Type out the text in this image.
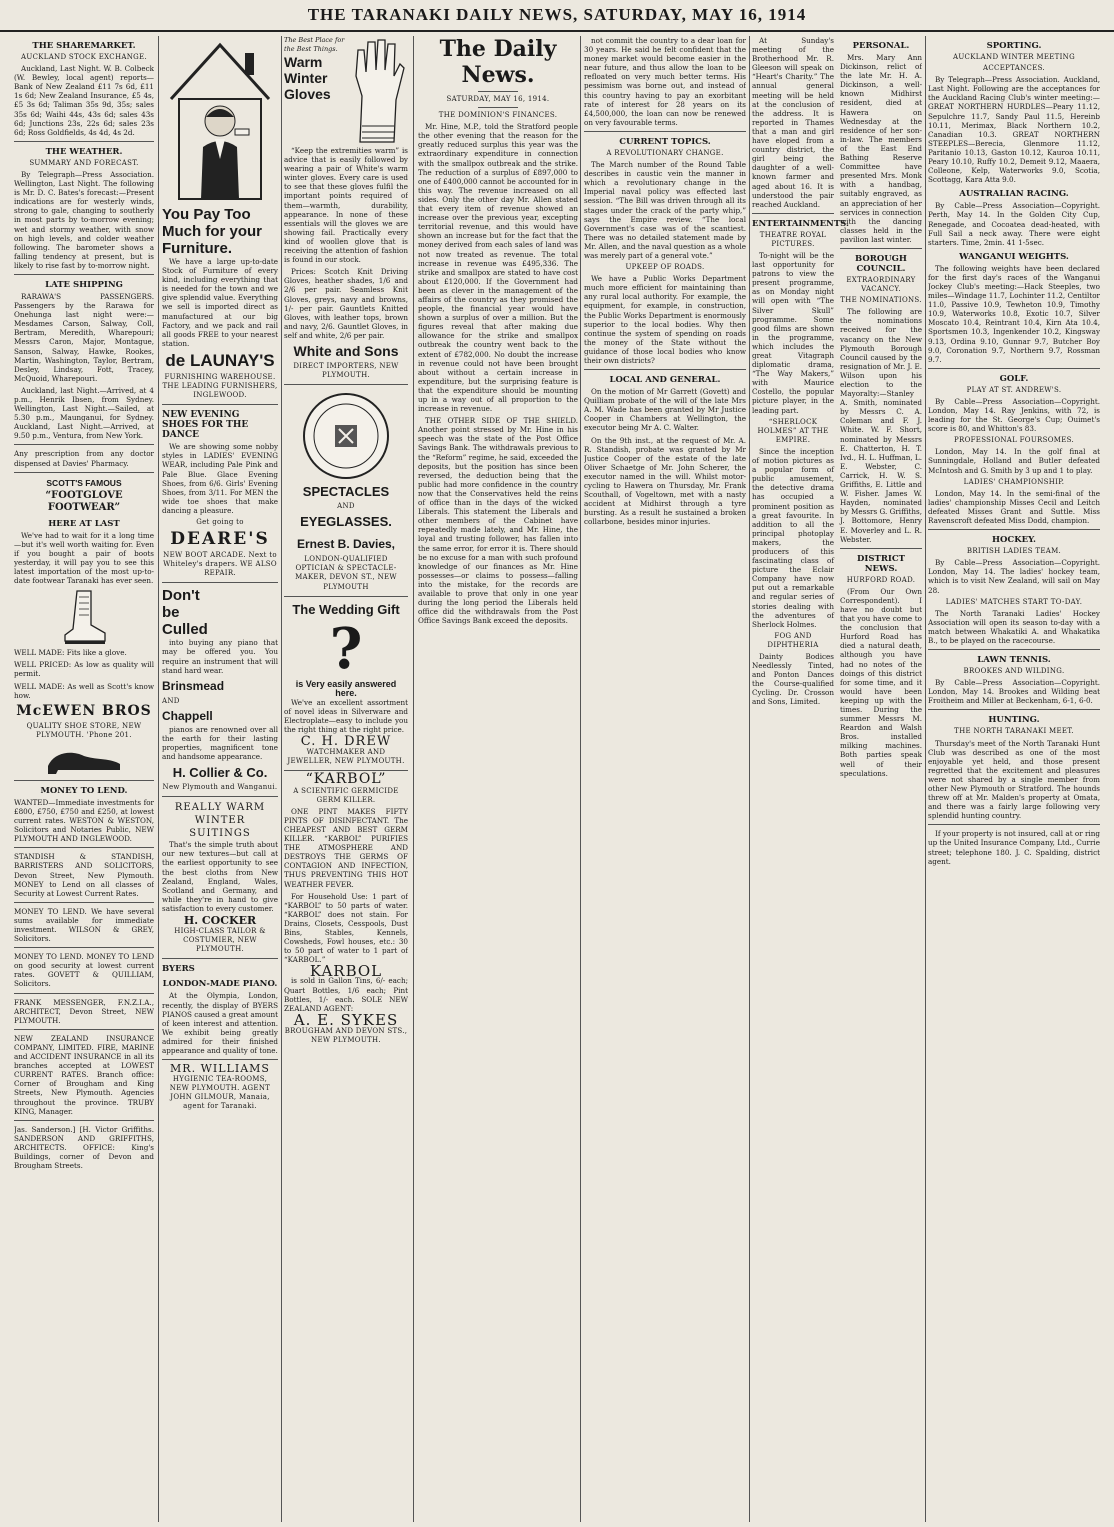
THE TARANAKI DAILY NEWS, SATURDAY, MAY 16, 1914
THE SHAREMARKET.
AUCKLAND STOCK EXCHANGE.

Auckland, Last Night. W. B. Colbeck (W. Bewley, local agent) reports—Bank of New Zealand £11 7s 6d, £11 1s 6d; New Zealand Insurance, £5 4s, £5 3s 6d; Taliman 35s 9d, 35s; sales 35s 6d; Waihi 44s, 43s 6d; sales 43s 6d; Junctions 23s, 22s 6d; sales 23s 6d; Ross Goldfields, 4s 4d, 4s 2d.

THE WEATHER.
SUMMARY AND FORECAST.

By Telegraph—Press Association. Wellington, Last Night. The following is Mr. D. C. Bates's forecast:—Present indications are for westerly winds, strong to gale, changing to southerly in most parts by to-morrow evening; wet and stormy weather, with snow on high levels, and colder weather following. The barometer shows a falling tendency at present, but is likely to rise fast by to-morrow night.

LATE SHIPPING

RARAWA'S PASSENGERS. Passengers by the Rarawa for Onehunga last night were:—Mesdames Carson, Salway, Coll, Bertram, Meredith, Wharepouri; Messrs Caron, Major, Montague, Sanson, Salway, Hawke, Rookes, Martin, Washington, Taylor, Bertram, Desley, Lindsay, Fott, Tracey, McQuoid, Wharepouri.

Auckland, last Night.—Arrived, at 4 p.m., Henrik Ibsen, from Sydney. Wellington, Last Night.—Sailed, at 5.30 p.m., Maunganui, for Sydney. Auckland, Last Night.—Arrived, at 9.50 p.m., Ventura, from New York.

Any prescription from any doctor dispensed at Davies' Pharmacy.

SCOTT'S FAMOUS
“FOOTGLOVE FOOTWEAR”
HERE AT LAST

We've had to wait for it a long time—but it's well worth waiting for. Even if you bought a pair of boots yesterday, it will pay you to see this latest importation of the most up-to-date footwear Taranaki has ever seen.

WELL MADE: Fits like a glove.

WELL PRICED: As low as quality will permit.

WELL MADE: As well as Scott's know how.

McEWEN BROS
QUALITY SHOE STORE, NEW PLYMOUTH. 'Phone 201.
MONEY TO LEND.

WANTED—Immediate investments for £800, £750, £750 and £250, at lowest current rates. WESTON & WESTON, Solicitors and Notaries Public, NEW PLYMOUTH AND INGLEWOOD.

STANDISH & STANDISH, BARRISTERS AND SOLICITORS, Devon Street, New Plymouth. MONEY to Lend on all classes of Security at Lowest Current Rates.

MONEY TO LEND. We have several sums available for immediate investment. WILSON & GREY, Solicitors.

MONEY TO LEND. MONEY TO LEND on good security at lowest current rates. GOVETT & QUILLIAM, Solicitors.

FRANK MESSENGER, F.N.Z.I.A., ARCHITECT, Devon Street, NEW PLYMOUTH.

NEW ZEALAND INSURANCE COMPANY, LIMITED. FIRE, MARINE and ACCIDENT INSURANCE in all its branches accepted at LOWEST CURRENT RATES. Branch office: Corner of Brougham and King Streets, New Plymouth. Agencies throughout the province. TRUBY KING, Manager.

Jas. Sanderson.] [H. Victor Griffiths. SANDERSON AND GRIFFITHS, ARCHITECTS. OFFICE: King's Buildings, corner of Devon and Brougham Streets.

You Pay Too Much for your Furniture.

We have a large up-to-date Stock of Furniture of every kind, including everything that is needed for the town and we give splendid value. Everything we sell is imported direct as manufactured at our big Factory, and we pack and rail all goods FREE to your nearest station.

de LAUNAY'S
FURNISHING WAREHOUSE. THE LEADING FURNISHERS, INGLEWOOD.
NEW EVENING SHOES FOR THE DANCE

We are showing some nobby styles in LADIES' EVENING WEAR, including Pale Pink and Pale Blue. Glace Evening Shoes, from 6/6. Girls' Evening Shoes, from 3/11. For MEN the wide toe shoes that make dancing a pleasure.

Get going to
DEARE'S
NEW BOOT ARCADE. Next to Whiteley's drapers. WE ALSO REPAIR.
Don't be Culled

into buying any piano that may be offered you. You require an instrument that will stand hard wear.

Brinsmead
AND
Chappell

pianos are renowned over all the earth for their lasting properties, magnificent tone and handsome appearance.

H. Collier & Co.
New Plymouth and Wanganui.
REALLY WARM WINTER SUITINGS

That's the simple truth about our new textures—but call at the earliest opportunity to see the best cloths from New Zealand, England, Wales, Scotland and Germany, and while they're in hand to give satisfaction to every customer.

H. COCKER
HIGH-CLASS TAILOR & COSTUMIER, NEW PLYMOUTH.
BYERS
LONDON-MADE PIANO.

At the Olympia, London, recently, the display of BYERS PIANOS caused a great amount of keen interest and attention. We exhibit being greatly admired for their finished appearance and quality of tone.

MR. WILLIAMS
HYGIENIC TEA-ROOMS, NEW PLYMOUTH. AGENT JOHN GILMOUR, Manaia, agent for Taranaki.
The Best Place for the Best Things.
Warm Winter Gloves

“Keep the extremities warm” is advice that is easily followed by wearing a pair of White's warm winter gloves. Every care is used to see that these gloves fulfil the important points required of them—warmth, durability, appearance. In none of these essentials will the gloves we are showing fail. Practically every kind of woollen glove that is receiving the attention of fashion is found in our stock.

Prices: Scotch Knit Driving Gloves, heather shades, 1/6 and 2/6 per pair. Seamless Knit Gloves, greys, navy and browns, 1/- per pair. Gauntlets Knitted Gloves, with leather tops, brown and navy, 2/6. Gauntlet Gloves, in self and white, 2/6 per pair.

White and Sons
DIRECT IMPORTERS, NEW PLYMOUTH.
SPECTACLES
AND
EYEGLASSES.
Ernest B. Davies,
LONDON-QUALIFIED OPTICIAN & SPECTACLE-MAKER, DEVON ST., NEW PLYMOUTH
The Wedding Gift
?
is Very easily answered here.

We've an excellent assortment of novel ideas in Silverware and Electroplate—easy to include you the right thing at the right price.

C. H. DREW
WATCHMAKER AND JEWELLER, NEW PLYMOUTH.
“KARBOL”
A SCIENTIFIC GERMICIDE GERM KILLER.

ONE PINT MAKES FIFTY PINTS OF DISINFECTANT. The CHEAPEST AND BEST GERM KILLER. “KARBOL” PURIFIES THE ATMOSPHERE AND DESTROYS THE GERMS OF CONTAGION AND INFECTION, THUS PREVENTING THIS HOT WEATHER FEVER.

For Household Use: 1 part of “KARBOL” to 50 parts of water. “KARBOL” does not stain. For Drains, Closets, Cesspools, Dust Bins, Stables, Kennels, Cowsheds, Fowl houses, etc.: 30 to 50 part of water to 1 part of “KARBOL.”

KARBOL

is sold in Gallon Tins, 6/- each; Quart Bottles, 1/6 each; Pint Bottles, 1/- each. SOLE NEW ZEALAND AGENT:

A. E. SYKES
BROUGHAM AND DEVON STS., NEW PLYMOUTH.
The Daily News.
SATURDAY, MAY 16, 1914.
THE DOMINION'S FINANCES.

Mr. Hine, M.P., told the Stratford people the other evening that the reason for the greatly reduced surplus this year was the extraordinary expenditure in connection with the smallpox outbreak and the strike. The reduction of a surplus of £897,000 to one of £400,000 cannot be accounted for in this way. The revenue increased on all sides. Only the other day Mr. Allen stated that every item of revenue showed an increase over the previous year, excepting territorial revenue, and this would have shown an increase but for the fact that the money derived from each sales of land was not now treated as revenue. The total increase in revenue was £495,336. The strike and smallpox are stated to have cost about £120,000. If the Government had been as clever in the management of the affairs of the country as they promised the people, the financial year would have shown a surplus of over a million. But the figures reveal that after making due allowance for the strike and smallpox outbreak the country went back to the extent of £782,000. No doubt the increase in revenue could not have been brought about without a certain increase in expenditure, but the surprising feature is that the expenditure should be mounting up in a way out of all proportion to the increase in revenue.

THE OTHER SIDE OF THE SHIELD. Another point stressed by Mr. Hine in his speech was the state of the Post Office Savings Bank. The withdrawals previous to the “Reform” regime, he said, exceeded the deposits, but the position has since been reversed, the deduction being that the public had more confidence in the country now that the Conservatives held the reins of office than in the days of the wicked Liberals. This statement the Liberals and other members of the Cabinet have repeatedly made lately, and Mr. Hine, the loyal and trusting follower, has fallen into the same error, for error it is. There should be no excuse for a man with such profound knowledge of our finances as Mr. Hine possesses—or claims to possess—falling into the mistake, for the records are available to prove that only in one year during the long period the Liberals held office did the withdrawals from the Post Office Savings Bank exceed the deposits.

not commit the country to a dear loan for 30 years. He said he felt confident that the money market would become easier in the near future, and thus allow the loan to be refloated on very much better terms. His pessimism was borne out, and instead of this country having to pay an exorbitant rate of interest for 28 years on its £4,500,000, the loan can now be renewed on very favourable terms.

CURRENT TOPICS.
A REVOLUTIONARY CHANGE.

The March number of the Round Table describes in caustic vein the manner in which a revolutionary change in the Imperial naval policy was effected last session. “The Bill was driven through all its stages under the crack of the party whip,” says the Empire review. “The local Government's case was of the scantiest. There was no detailed statement made by Mr. Allen, and the naval question as a whole was merely part of a general vote.”

UPKEEP OF ROADS.

We have a Public Works Department much more efficient for maintaining than any rural local authority. For example, the equipment, for example, in construction, the Public Works Department is enormously superior to the local bodies. Why then continue the system of spending on roads the money of the State without the guidance of those local bodies who know their own districts?

LOCAL AND GENERAL.

On the motion of Mr Garrett (Govett) and Quilliam probate of the will of the late Mrs A. M. Wade has been granted by Mr Justice Cooper in Chambers at Wellington, the executor being Mr A. C. Walter.

On the 9th inst., at the request of Mr. A. R. Standish, probate was granted by Mr Justice Cooper of the estate of the late Oliver Schaetge of Mr. John Scherer, the executor named in the will. Whilst motor-cycling to Hawera on Thursday, Mr. Frank Scouthall, of Vogeltown, met with a nasty accident at Midhirst through a tyre bursting. As a result he sustained a broken collarbone, besides minor injuries.

At Sunday's meeting of the Brotherhood Mr. R. Gleeson will speak on “Heart's Charity.” The annual general meeting will be held at the conclusion of the address. It is reported in Thames that a man and girl have eloped from a country district, the girl being the daughter of a well-known farmer and aged about 16. It is understood the pair reached Auckland.

ENTERTAINMENTS.
THEATRE ROYAL PICTURES.

To-night will be the last opportunity for patrons to view the present programme, as on Monday night will open with “The Silver Skull” programme. Some good films are shown in the programme, which includes the great Vitagraph diplomatic drama, “The Way Makers,” with Maurice Costello, the popular picture player, in the leading part.

“SHERLOCK HOLMES” AT THE EMPIRE.

Since the inception of motion pictures as a popular form of public amusement, the detective drama has occupied a prominent position as a great favourite. In addition to all the principal photoplay makers, the producers of this fascinating class of picture the Eclair Company have now put out a remarkable and regular series of stories dealing with the adventures of Sherlock Holmes.

FOG AND DIPHTHERIA

Dainty Bodices Needlessly Tinted, and Ponton Dances the Course-qualified Cycling. Dr. Crosson and Sons, Limited.

PERSONAL.

Mrs. Mary Ann Dickinson, relict of the late Mr. H. A. Dickinson, a well-known Midhirst resident, died at Hawera on Wednesday at the residence of her son-in-law. The members of the East End Bathing Reserve Committee have presented Mrs. Monk with a handbag, suitably engraved, as an appreciation of her services in connection with the dancing classes held in the pavilion last winter.

BOROUGH COUNCIL.
EXTRAORDINARY VACANCY.
THE NOMINATIONS.

The following are the nominations received for the vacancy on the New Plymouth Borough Council caused by the resignation of Mr. J. E. Wilson upon his election to the Mayoralty:—Stanley A. Smith, nominated by Messrs C. A. Coleman and F. J. White. W. F. Short, nominated by Messrs E. Chatterton, H. T. Ivd., H. L. Huffman, L. E. Webster, C. Carrick, H. W. S. Griffiths, E. Little and W. Fisher. James W. Hayden, nominated by Messrs G. Griffiths, J. Bottomore, Henry E. Moverley and L. R. Webster.

DISTRICT NEWS.
HURFORD ROAD.

(From Our Own Correspondent). I have no doubt but that you have come to the conclusion that Hurford Road has died a natural death, although you have had no notes of the doings of this district for some time, and it would have been keeping up with the times. During the summer Messrs M. Reardon and Walsh Bros. installed milking machines. Both parties speak well of their speculations.

SPORTING.
AUCKLAND WINTER MEETING
ACCEPTANCES.

By Telegraph—Press Association. Auckland, Last Night. Following are the acceptances for the Auckland Racing Club's winter meeting:—GREAT NORTHERN HURDLES—Peary 11.12, Sepulchre 11.7, Sandy Paul 11.5, Hereinb 10.11, Merimax, Black Northern 10.2, Canadian 10.3. GREAT NORTHERN STEEPLES—Berecia, Glenmore 11.12, Paritanio 10.13, Gaston 10.12, Kauroa 10.11, Peary 10.10, Ruffy 10.2, Demeit 9.12, Maaera, Colleone, Kelp, Waterworks 9.0, Scotia, Scottagg, Kara Atta 9.0.

AUSTRALIAN RACING.

By Cable—Press Association—Copyright. Perth, May 14. In the Golden City Cup, Renegade, and Cocoatea dead-heated, with Full Sail a neck away. There were eight starters. Time, 2min. 41 1-5sec.

WANGANUI WEIGHTS.

The following weights have been declared for the first day's races of the Wanganui Jockey Club's meeting:—Hack Steeples, two miles—Windage 11.7, Lochinter 11.2, Centiltor 11.0, Passive 10.9, Tewheton 10.9, Timothy 10.9, Waterworks 10.8, Exotic 10.7, Silver Moscato 10.4, Reintrant 10.4, Kirn Ata 10.4, Sportsmen 10.3, Ingenkender 10.2, Kingsway 9.13, Ordina 9.10, Gunnar 9.7, Butcher Boy 9.0, Coronation 9.7, Northern 9.7, Rossman 9.7.

GOLF.
PLAY AT ST. ANDREW'S.

By Cable—Press Association—Copyright. London, May 14. Ray Jenkins, with 72, is leading for the St. George's Cup; Ouimet's score is 80, and Whitton's 83.

PROFESSIONAL FOURSOMES.

London, May 14. In the golf final at Sunningdale, Holland and Butler defeated McIntosh and G. Smith by 3 up and 1 to play.

LADIES' CHAMPIONSHIP.

London, May 14. In the semi-final of the ladies' championship Misses Cecil and Leitch defeated Misses Grant and Suttle. Miss Ravenscroft defeated Miss Dodd, champion.

HOCKEY.
BRITISH LADIES TEAM.

By Cable—Press Association—Copyright. London, May 14. The ladies' hockey team, which is to visit New Zealand, will sail on May 28.

LADIES' MATCHES START TO-DAY.

The North Taranaki Ladies' Hockey Association will open its season to-day with a match between Whakatiki A. and Whakatika B., to be played on the racecourse.

LAWN TENNIS.
BROOKES AND WILDING.

By Cable—Press Association—Copyright. London, May 14. Brookes and Wilding beat Froitheim and Miller at Beckenham, 6-1, 6-0.

HUNTING.
THE NORTH TARANAKI MEET.

Thursday's meet of the North Taranaki Hunt Club was described as one of the most enjoyable yet held, and those present regretted that the excitement and pleasures were not shared by a single member from other New Plymouth or Stratford. The hounds threw off at Mr. Malden's property at Omata, and there was a fairly large following very splendid hunting country.

If your property is not insured, call at or ring up the United Insurance Company, Ltd., Currie street; telephone 180. J. C. Spalding, district agent.
